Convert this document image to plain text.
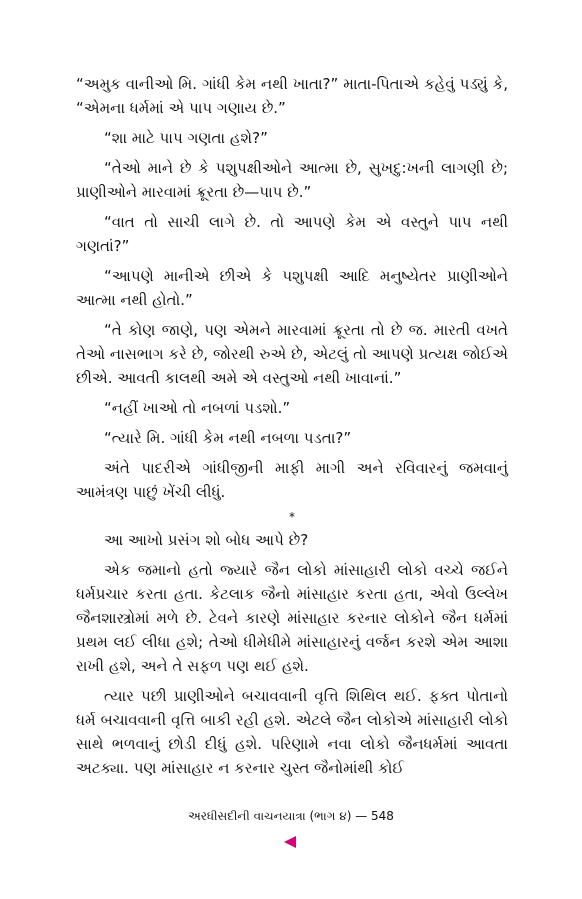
“અમુક વાનીઓ મિ. ગાંધી કેમ નથી ખાતા?” માતા-પિતાએ કહેવું પડ્યું કે, “એમના ધર્મમાં એ પાપ ગણાય છે.”

“શા માટે પાપ ગણતા હશે?”

“તેઓ માને છે કે પશુપક્ષીઓને આત્મા છે, સુખદુ:ખની લાગણી છે; પ્રાણીઓને મારવામાં ક્રૂરતા છે—પાપ છે.”

“વાત તો સાચી લાગે છે. તો આપણે કેમ એ વસ્તુને પાપ નથી ગણતાં?”

“આપણે માનીએ છીએ કે પશુપક્ષી આદિ મનુષ્યેતર પ્રાણીઓને આત્મા નથી હોતો.”

“તે કોણ જાણે, પણ એમને મારવામાં ક્રૂરતા તો છે જ. મારતી વખતે તેઓ નાસભાગ કરે છે, જોરથી રુએ છે, એટલું તો આપણે પ્રત્યક્ષ જોઈએ છીએ. આવતી કાલથી અમે એ વસ્તુઓ નથી ખાવાનાં.”

“નહીં ખાઓ તો નબળાં પડશો.”

“ત્યારે મિ. ગાંધી કેમ નથી નબળા પડતા?”

અંતે પાદરીએ ગાંધીજીની માફી માગી અને રવિવારનું જમવાનું આમંત્રણ પાછું ખેંચી લીધું.

*

આ આખો પ્રસંગ શો બોધ આપે છે?

એક જમાનો હતો જ્યારે જૈન લોકો માંસાહારી લોકો વચ્ચે જઈને ધર્મપ્રચાર કરતા હતા. કેટલાક જૈનો માંસાહાર કરતા હતા, એવો ઉલ્લેખ જૈનશાસ્ત્રોમાં મળે છે. ટેવને કારણે માંસાહાર કરનાર લોકોને જૈન ધર્મમાં પ્રથમ લઈ લીધા હશે; તેઓ ધીમેધીમે માંસાહારનું વર્જન કરશે એમ આશા રાખી હશે, અને તે સફળ પણ થઈ હશે.

ત્યાર પછી પ્રાણીઓને બચાવવાની વૃત્તિ શિથિલ થઈ. ફક્ત પોતાનો ધર્મ બચાવવાની વૃત્તિ બાકી રહી હશે. એટલે જૈન લોકોએ માંસાહારી લોકો સાથે ભળવાનું છોડી દીધું હશે. પરિણામે નવા લોકો જૈનધર્મમાં આવતા અટક્યા. પણ માંસાહાર ન કરનાર ચુસ્ત જૈનોમાંથી કોઈ

અરધીસદીની વાચનયાત્રા (ભાગ ૪) — 548
